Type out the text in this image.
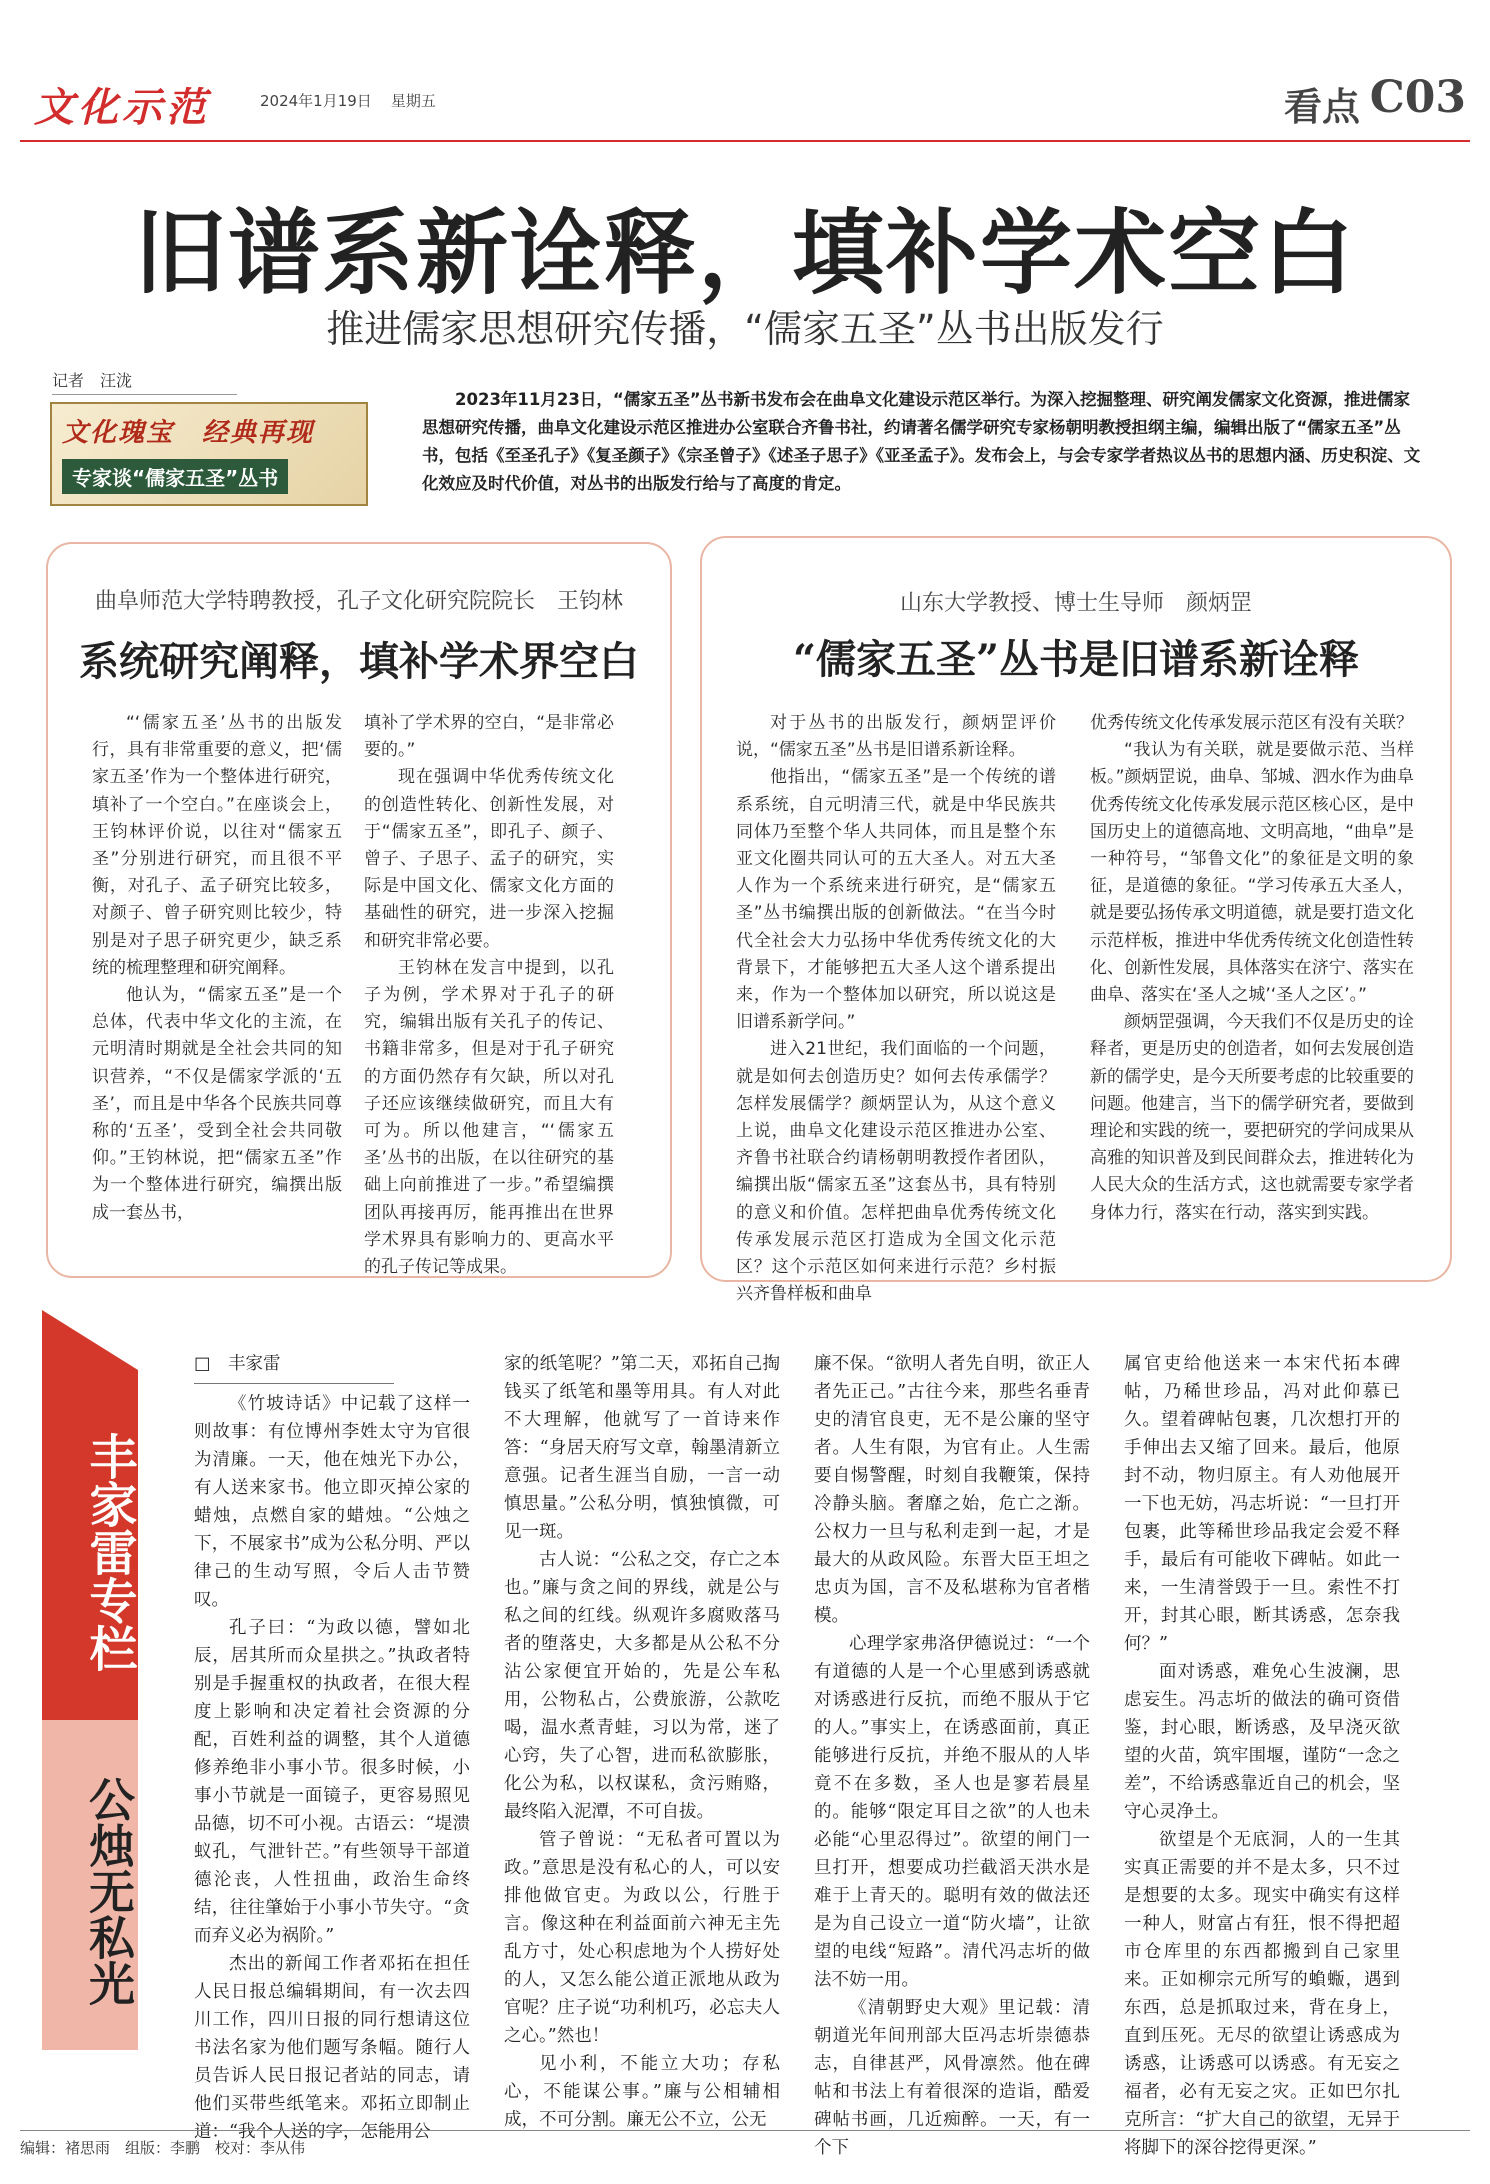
文化示范	2024年1月19日 星期五	看点 C03
旧谱系新诠释，填补学术空白
推进儒家思想研究传播，“儒家五圣”丛书出版发行
记者　汪泷
文化瑰宝　经典再现
专家谈“儒家五圣”丛书

2023年11月23日，“儒家五圣”丛书新书发布会在曲阜文化建设示范区举行。为深入挖掘整理、研究阐发儒家文化资源，推进儒家思想研究传播，曲阜文化建设示范区推进办公室联合齐鲁书社，约请著名儒学研究专家杨朝明教授担纲主编，编辑出版了“儒家五圣”丛书，包括《至圣孔子》《复圣颜子》《宗圣曾子》《述圣子思子》《亚圣孟子》。发布会上，与会专家学者热议丛书的思想内涵、历史积淀、文化效应及时代价值，对丛书的出版发行给与了高度的肯定。

曲阜师范大学特聘教授，孔子文化研究院院长　王钧林
系统研究阐释，填补学术界空白

“‘儒家五圣’丛书的出版发行，具有非常重要的意义，把‘儒家五圣’作为一个整体进行研究，填补了一个空白。”在座谈会上，王钧林评价说，以往对“儒家五圣”分别进行研究，而且很不平衡，对孔子、孟子研究比较多，对颜子、曾子研究则比较少，特别是对子思子研究更少，缺乏系统的梳理整理和研究阐释。

他认为，“儒家五圣”是一个总体，代表中华文化的主流，在元明清时期就是全社会共同的知识营养，“不仅是儒家学派的‘五圣’，而且是中华各个民族共同尊称的‘五圣’，受到全社会共同敬仰。”王钧林说，把“儒家五圣”作为一个整体进行研究，编撰出版成一套丛书，

填补了学术界的空白，“是非常必要的。”

现在强调中华优秀传统文化的创造性转化、创新性发展，对于“儒家五圣”，即孔子、颜子、曾子、子思子、孟子的研究，实际是中国文化、儒家文化方面的基础性的研究，进一步深入挖掘和研究非常必要。

王钧林在发言中提到，以孔子为例，学术界对于孔子的研究，编辑出版有关孔子的传记、书籍非常多，但是对于孔子研究的方面仍然存有欠缺，所以对孔子还应该继续做研究，而且大有可为。所以他建言，“‘儒家五圣’丛书的出版，在以往研究的基础上向前推进了一步。”希望编撰团队再接再厉，能再推出在世界学术界具有影响力的、更高水平的孔子传记等成果。

山东大学教授、博士生导师　颜炳罡
“儒家五圣”丛书是旧谱系新诠释

对于丛书的出版发行，颜炳罡评价说，“儒家五圣”丛书是旧谱系新诠释。

他指出，“儒家五圣”是一个传统的谱系系统，自元明清三代，就是中华民族共同体乃至整个华人共同体，而且是整个东亚文化圈共同认可的五大圣人。对五大圣人作为一个系统来进行研究，是“儒家五圣”丛书编撰出版的创新做法。“在当今时代全社会大力弘扬中华优秀传统文化的大背景下，才能够把五大圣人这个谱系提出来，作为一个整体加以研究，所以说这是旧谱系新学问。”

进入21世纪，我们面临的一个问题，就是如何去创造历史？如何去传承儒学？怎样发展儒学？颜炳罡认为，从这个意义上说，曲阜文化建设示范区推进办公室、齐鲁书社联合约请杨朝明教授作者团队，编撰出版“儒家五圣”这套丛书，具有特别的意义和价值。怎样把曲阜优秀传统文化传承发展示范区打造成为全国文化示范区？这个示范区如何来进行示范？乡村振兴齐鲁样板和曲阜

优秀传统文化传承发展示范区有没有关联？

“我认为有关联，就是要做示范、当样板。”颜炳罡说，曲阜、邹城、泗水作为曲阜优秀传统文化传承发展示范区核心区，是中国历史上的道德高地、文明高地，“曲阜”是一种符号，“邹鲁文化”的象征是文明的象征，是道德的象征。“学习传承五大圣人，就是要弘扬传承文明道德，就是要打造文化示范样板，推进中华优秀传统文化创造性转化、创新性发展，具体落实在济宁、落实在曲阜、落实在‘圣人之城’‘圣人之区’。”

颜炳罡强调，今天我们不仅是历史的诠释者，更是历史的创造者，如何去发展创造新的儒学史，是今天所要考虑的比较重要的问题。他建言，当下的儒学研究者，要做到理论和实践的统一，要把研究的学问成果从高雅的知识普及到民间群众去，推进转化为人民大众的生活方式，这也就需要专家学者身体力行，落实在行动，落实到实践。

丰家雷专栏
公烛无私光
□　丰家雷

《竹坡诗话》中记载了这样一则故事：有位博州李姓太守为官很为清廉。一天，他在烛光下办公，有人送来家书。他立即灭掉公家的蜡烛，点燃自家的蜡烛。“公烛之下，不展家书”成为公私分明、严以律己的生动写照，令后人击节赞叹。

孔子曰：“为政以德，譬如北辰，居其所而众星拱之。”执政者特别是手握重权的执政者，在很大程度上影响和决定着社会资源的分配，百姓利益的调整，其个人道德修养绝非小事小节。很多时候，小事小节就是一面镜子，更容易照见品德，切不可小视。古语云：“堤溃蚁孔，气泄针芒。”有些领导干部道德沦丧，人性扭曲，政治生命终结，往往肇始于小事小节失守。“贪而弃义必为祸阶。”

杰出的新闻工作者邓拓在担任人民日报总编辑期间，有一次去四川工作，四川日报的同行想请这位书法名家为他们题写条幅。随行人员告诉人民日报记者站的同志，请他们买带些纸笔来。邓拓立即制止道：“我个人送的字，怎能用公

家的纸笔呢？”第二天，邓拓自己掏钱买了纸笔和墨等用具。有人对此不大理解，他就写了一首诗来作答：“身居天府写文章，翰墨清新立意强。记者生涯当自励，一言一动慎思量。”公私分明，慎独慎微，可见一斑。

古人说：“公私之交，存亡之本也。”廉与贪之间的界线，就是公与私之间的红线。纵观许多腐败落马者的堕落史，大多都是从公私不分沾公家便宜开始的，先是公车私用，公物私占，公费旅游，公款吃喝，温水煮青蛙，习以为常，迷了心窍，失了心智，进而私欲膨胀，化公为私，以权谋私，贪污贿赂，最终陷入泥潭，不可自拔。

管子曾说：“无私者可置以为政。”意思是没有私心的人，可以安排他做官吏。为政以公，行胜于言。像这种在利益面前六神无主先乱方寸，处心积虑地为个人捞好处的人，又怎么能公道正派地从政为官呢？庄子说“功利机巧，必忘夫人之心。”然也！

见小利，不能立大功；存私心，不能谋公事。”廉与公相辅相成，不可分割。廉无公不立，公无

廉不保。“欲明人者先自明，欲正人者先正己。”古往今来，那些名垂青史的清官良吏，无不是公廉的坚守者。人生有限，为官有止。人生需要自惕警醒，时刻自我鞭策，保持冷静头脑。奢靡之始，危亡之渐。公权力一旦与私利走到一起，才是最大的从政风险。东晋大臣王坦之忠贞为国，言不及私堪称为官者楷模。

心理学家弗洛伊德说过：“一个有道德的人是一个心里感到诱惑就对诱惑进行反抗，而绝不服从于它的人。”事实上，在诱惑面前，真正能够进行反抗，并绝不服从的人毕竟不在多数，圣人也是寥若晨星的。能够“限定耳目之欲”的人也未必能“心里忍得过”。欲望的闸门一旦打开，想要成功拦截滔天洪水是难于上青天的。聪明有效的做法还是为自己设立一道“防火墙”，让欲望的电线“短路”。清代冯志圻的做法不妨一用。

《清朝野史大观》里记载：清朝道光年间刑部大臣冯志圻崇德恭志，自律甚严，风骨凛然。他在碑帖和书法上有着很深的造诣，酷爱碑帖书画，几近痴醉。一天，有一个下

属官吏给他送来一本宋代拓本碑帖，乃稀世珍品，冯对此仰慕已久。望着碑帖包裹，几次想打开的手伸出去又缩了回来。最后，他原封不动，物归原主。有人劝他展开一下也无妨，冯志圻说：“一旦打开包裹，此等稀世珍品我定会爱不释手，最后有可能收下碑帖。如此一来，一生清誉毁于一旦。索性不打开，封其心眼，断其诱惑，怎奈我何？”

面对诱惑，难免心生波澜，思虑妄生。冯志圻的做法的确可资借鉴，封心眼，断诱惑，及早浇灭欲望的火苗，筑牢围堰，谨防“一念之差”，不给诱惑靠近自己的机会，坚守心灵净土。

欲望是个无底洞，人的一生其实真正需要的并不是太多，只不过是想要的太多。现实中确实有这样一种人，财富占有狂，恨不得把超市仓库里的东西都搬到自己家里来。正如柳宗元所写的蝜蝂，遇到东西，总是抓取过来，背在身上，直到压死。无尽的欲望让诱惑成为诱惑，让诱惑可以诱惑。有无妄之福者，必有无妄之灾。正如巴尔扎克所言：“扩大自己的欲望，无异于将脚下的深谷挖得更深。”

编辑：褚思雨　组版：李鹏　校对：李从伟
